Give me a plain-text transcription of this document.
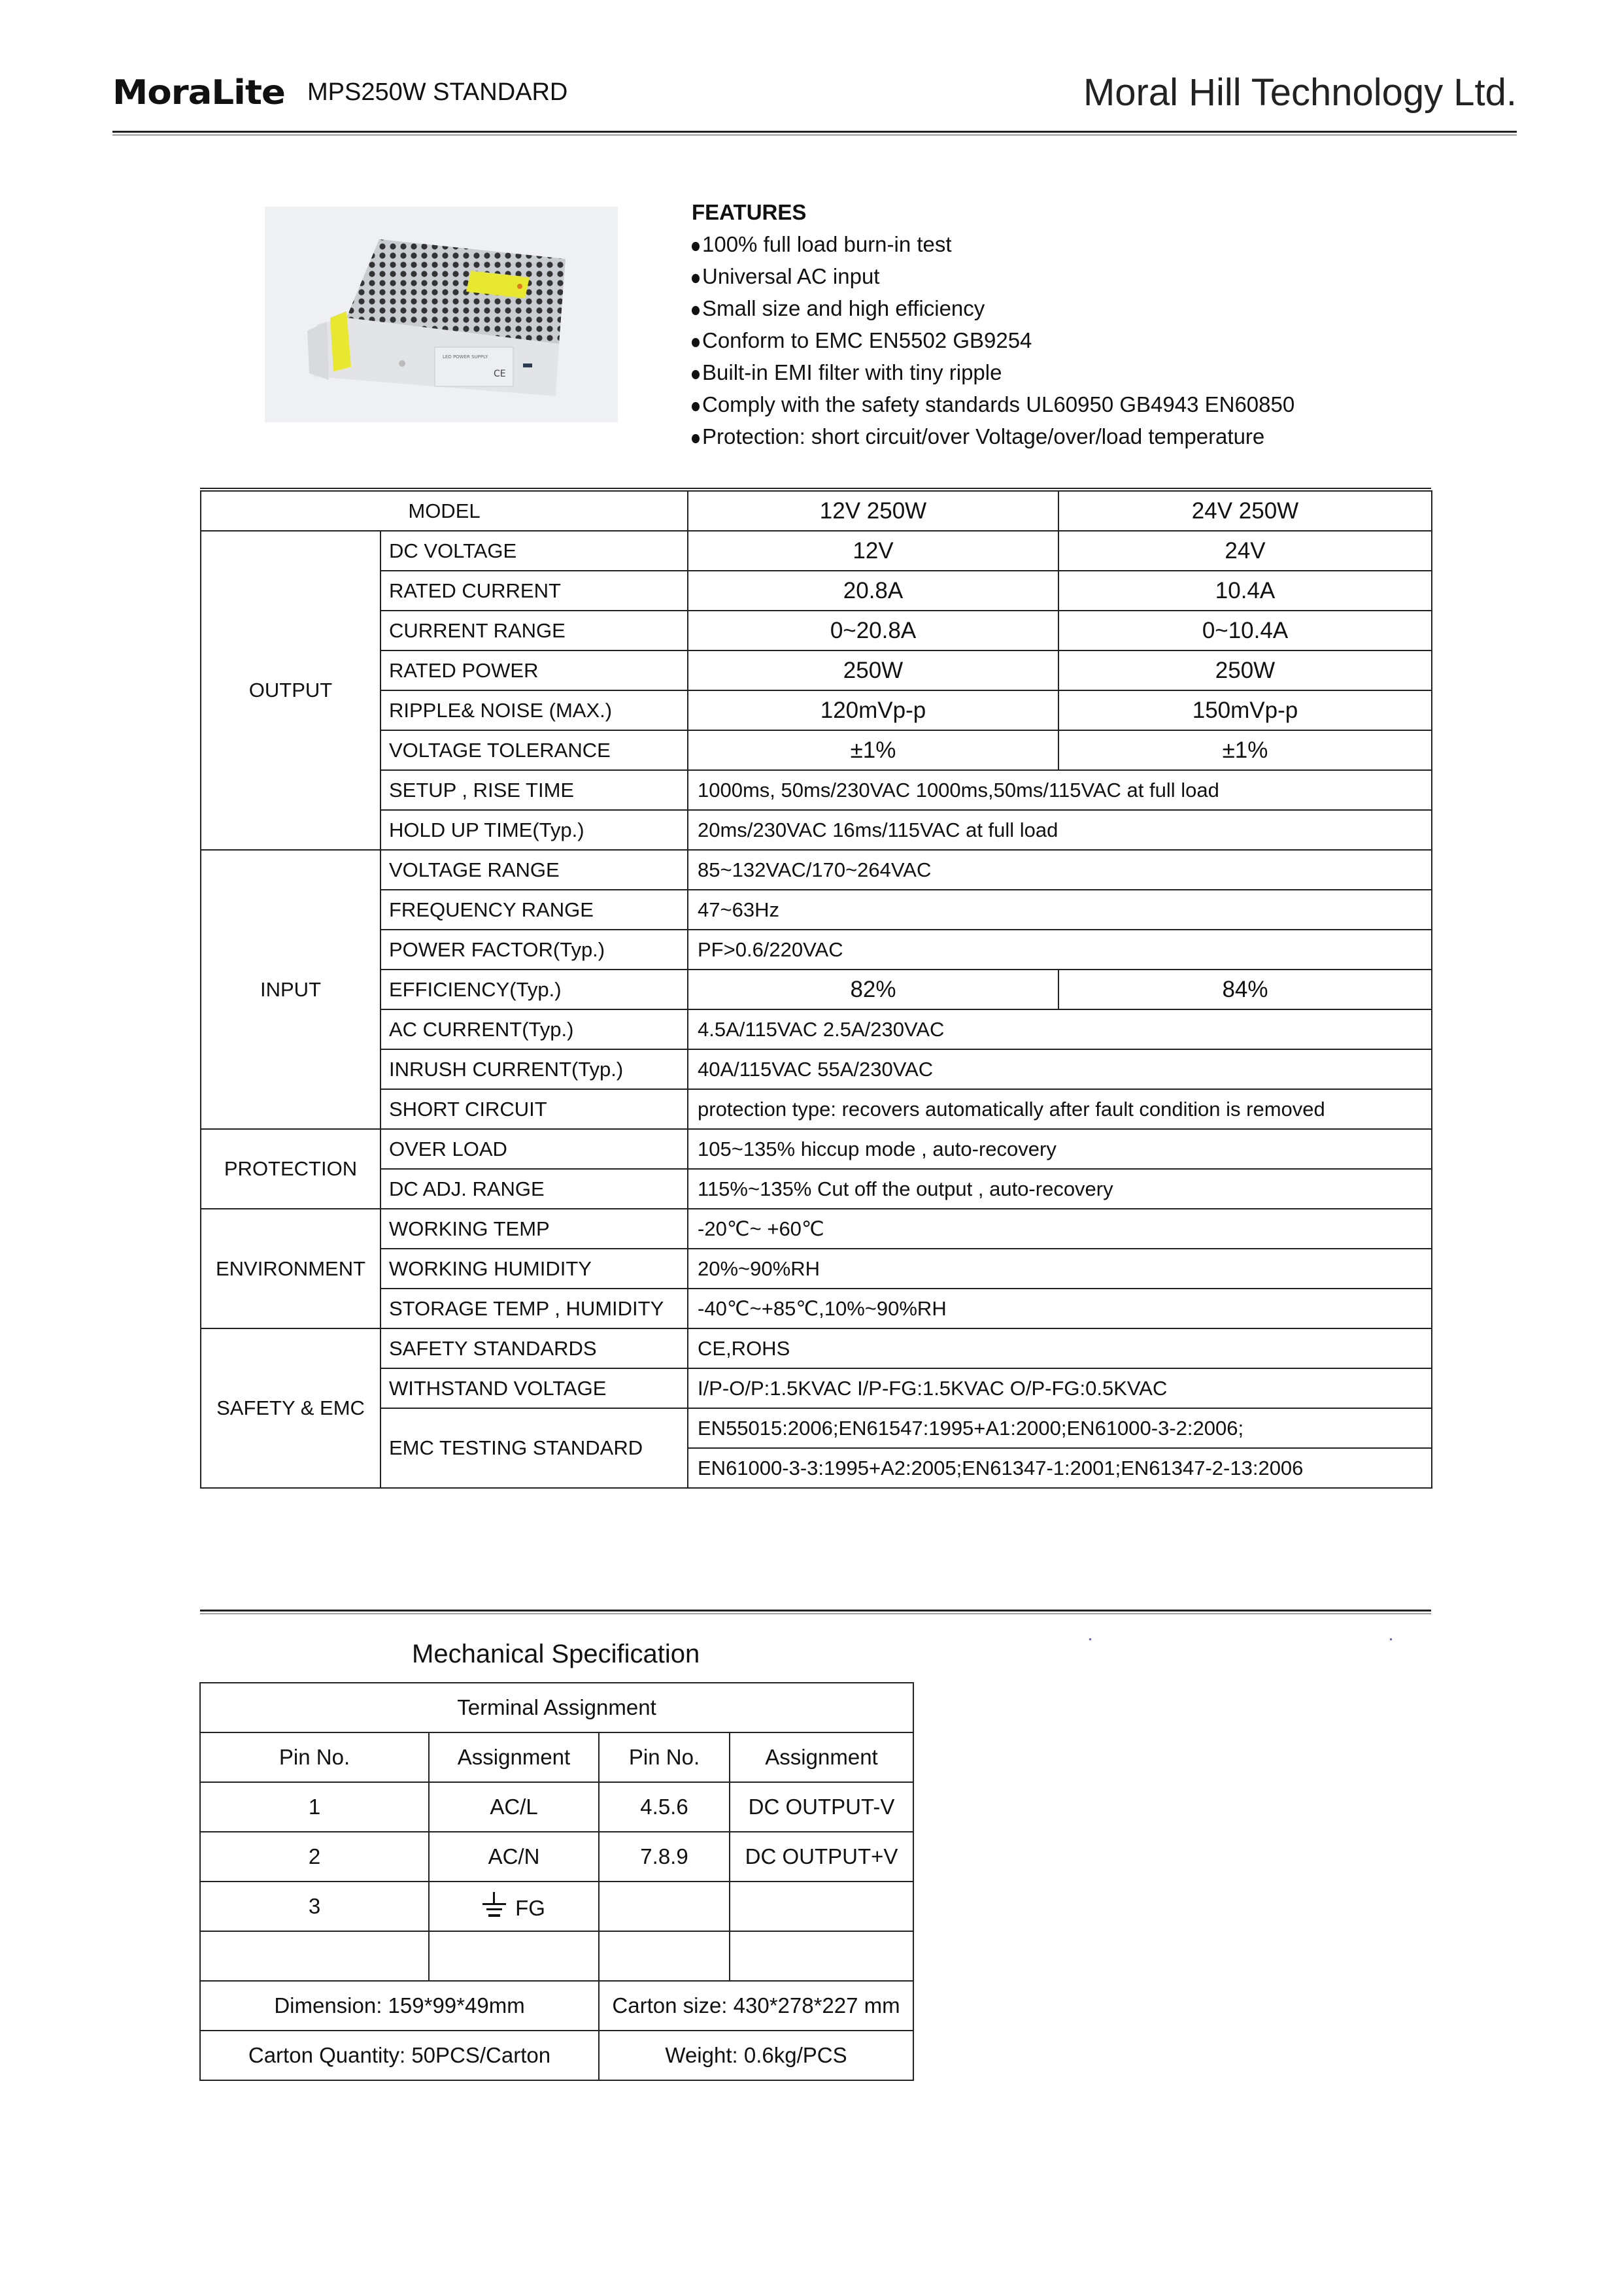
MoraLite MPS250W STANDARD	Moral Hill Technology Ltd.
LED POWER SUPPLY
CE
FEATURES
100% full load burn-in test
Universal AC input
Small size and high efficiency
Conform to EMC EN5502 GB9254
Built-in EMI filter with tiny ripple
Comply with the safety standards UL60950 GB4943 EN60850
Protection: short circuit/over Voltage/over/load temperature
MODEL		12V 250W	24V 250W
OUTPUT	DC VOLTAGE	12V	24V
	RATED CURRENT	20.8A	10.4A
	CURRENT RANGE	0~20.8A	0~10.4A
	RATED POWER	250W	250W
	RIPPLE& NOISE (MAX.)	120mVp-p	150mVp-p
	VOLTAGE TOLERANCE	±1%	±1%
	SETUP , RISE TIME	1000ms, 50ms/230VAC 1000ms,50ms/115VAC at full load	
	HOLD UP TIME(Typ.)	20ms/230VAC 16ms/115VAC at full load	
INPUT	VOLTAGE RANGE	85~132VAC/170~264VAC	
	FREQUENCY RANGE	47~63Hz	
	POWER FACTOR(Typ.)	PF>0.6/220VAC	
	EFFICIENCY(Typ.)	82%	84%
	AC CURRENT(Typ.)	4.5A/115VAC 2.5A/230VAC	
	INRUSH CURRENT(Typ.)	40A/115VAC 55A/230VAC	
	SHORT CIRCUIT	protection type: recovers automatically after fault condition is removed	
PROTECTION	OVER LOAD	105~135% hiccup mode , auto-recovery	
	DC ADJ. RANGE	115%~135% Cut off the output , auto-recovery	
ENVIRONMENT	WORKING TEMP	-20℃~ +60℃	
	WORKING HUMIDITY	20%~90%RH	
	STORAGE TEMP , HUMIDITY	-40℃~+85℃,10%~90%RH	
SAFETY & EMC	SAFETY STANDARDS	CE,ROHS	
	WITHSTAND VOLTAGE	I/P-O/P:1.5KVAC I/P-FG:1.5KVAC O/P-FG:0.5KVAC	
	EMC TESTING STANDARD	EN55015:2006;EN61547:1995+A1:2000;EN61000-3-2:2006;	
		EN61000-3-3:1995+A2:2005;EN61347-1:2001;EN61347-2-13:2006	
Mechanical Specification
Terminal Assignment			
Pin No.	Assignment	Pin No.	Assignment
1	AC/L	4.5.6	DC OUTPUT-V
2	AC/N	7.8.9	DC OUTPUT+V
3	FG		

Dimension: 159*99*49mm		Carton size: 430*278*227 mm	
Carton Quantity: 50PCS/Carton		Weight: 0.6kg/PCS	
